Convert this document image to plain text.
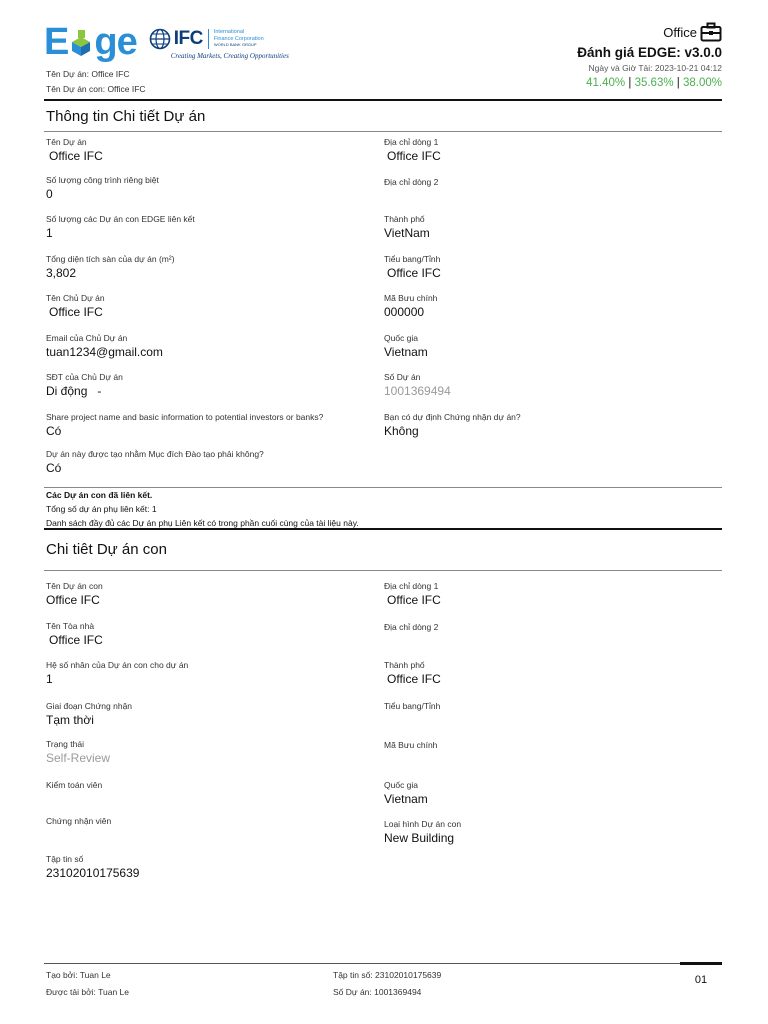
E ge IFC International
Finance Corporation
WORLD BANK GROUP
Creating Markets, Creating Opportunities
Tên Dự án: Office IFC
Tên Dự án con: Office IFC
Office
Đánh giá EDGE: v3.0.0
Ngày và Giờ Tải: 2023-10-21 04:12
41.40% | 35.63% | 38.00%
Thông tin Chi tiết Dự án
Tên Dự án
Office IFC
Số lượng công trình riêng biệt
0
Số lượng các Dự án con EDGE liên kết
1
Tổng diện tích sàn của dự án (m²)
3,802
Tên Chủ Dự án
Office IFC
Email của Chủ Dự án
tuan1234@gmail.com
SĐT của Chủ Dự án
Di động   -
Share project name and basic information to potential investors or banks?
Có
Dự án này được tạo nhằm Mục đích Đào tạo phải không?
Có
Địa chỉ dòng 1
Office IFC
Địa chỉ dòng 2
Thành phố
VietNam
Tiểu bang/Tỉnh
Office IFC
Mã Bưu chính
000000
Quốc gia
Vietnam
Số Dự án
1001369494
Bạn có dự định Chứng nhận dự án?
Không
Các Dự án con đã liên kết.
Tổng số dự án phụ liên kết: 1
Danh sách đầy đủ các Dự án phụ Liên kết có trong phần cuối cùng của tài liệu này.
Chi tiêt Dự án con
Tên Dự án con
Office IFC
Tên Tòa nhà
Office IFC
Hệ số nhân của Dự án con cho dự án
1
Giai đoạn Chứng nhận
Tạm thời
Trạng thái
Self-Review
Kiểm toán viên
Chứng nhận viên
Tập tin số
23102010175639
Địa chỉ dòng 1
Office IFC
Địa chỉ dòng 2
Thành phố
Office IFC
Tiểu bang/Tỉnh
Mã Bưu chính
Quốc gia
Vietnam
Loại hình Dự án con
New Building
Tạo bởi: Tuan Le
Được tải bởi: Tuan Le
Tập tin số: 23102010175639
Số Dự án: 1001369494
01
